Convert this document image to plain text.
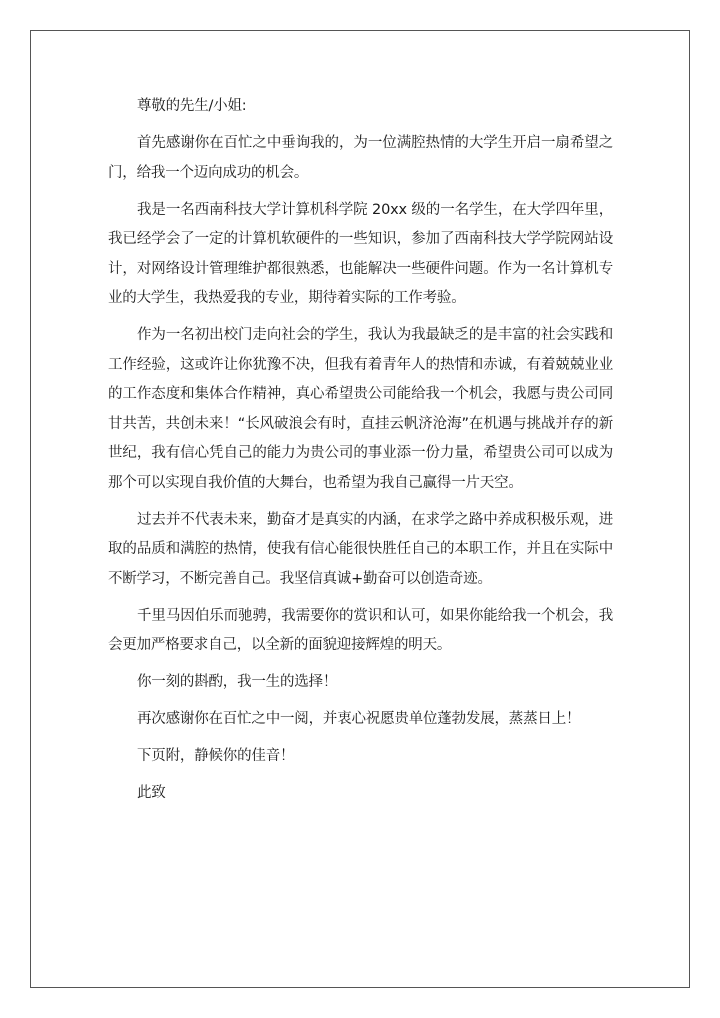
尊敬的先生/小姐:

首先感谢你在百忙之中垂询我的，为一位满腔热情的大学生开启一扇希望之门，给我一个迈向成功的机会。

我是一名西南科技大学计算机科学院 20xx 级的一名学生，在大学四年里，我已经学会了一定的计算机软硬件的一些知识，参加了西南科技大学学院网站设计，对网络设计管理维护都很熟悉，也能解决一些硬件问题。作为一名计算机专业的大学生，我热爱我的专业，期待着实际的工作考验。

作为一名初出校门走向社会的学生，我认为我最缺乏的是丰富的社会实践和工作经验，这或许让你犹豫不决，但我有着青年人的热情和赤诚，有着兢兢业业的工作态度和集体合作精神，真心希望贵公司能给我一个机会，我愿与贵公司同甘共苦，共创未来！“长风破浪会有时，直挂云帆济沧海”在机遇与挑战并存的新世纪，我有信心凭自己的能力为贵公司的事业添一份力量，希望贵公司可以成为那个可以实现自我价值的大舞台，也希望为我自己赢得一片天空。

过去并不代表未来，勤奋才是真实的内涵，在求学之路中养成积极乐观，进取的品质和满腔的热情，使我有信心能很快胜任自己的本职工作，并且在实际中不断学习，不断完善自己。我坚信真诚+勤奋可以创造奇迹。

千里马因伯乐而驰骋，我需要你的赏识和认可，如果你能给我一个机会，我会更加严格要求自己，以全新的面貌迎接辉煌的明天。

你一刻的斟酌，我一生的选择！

再次感谢你在百忙之中一阅，并衷心祝愿贵单位蓬勃发展，蒸蒸日上！

下页附，静候你的佳音！

此致
